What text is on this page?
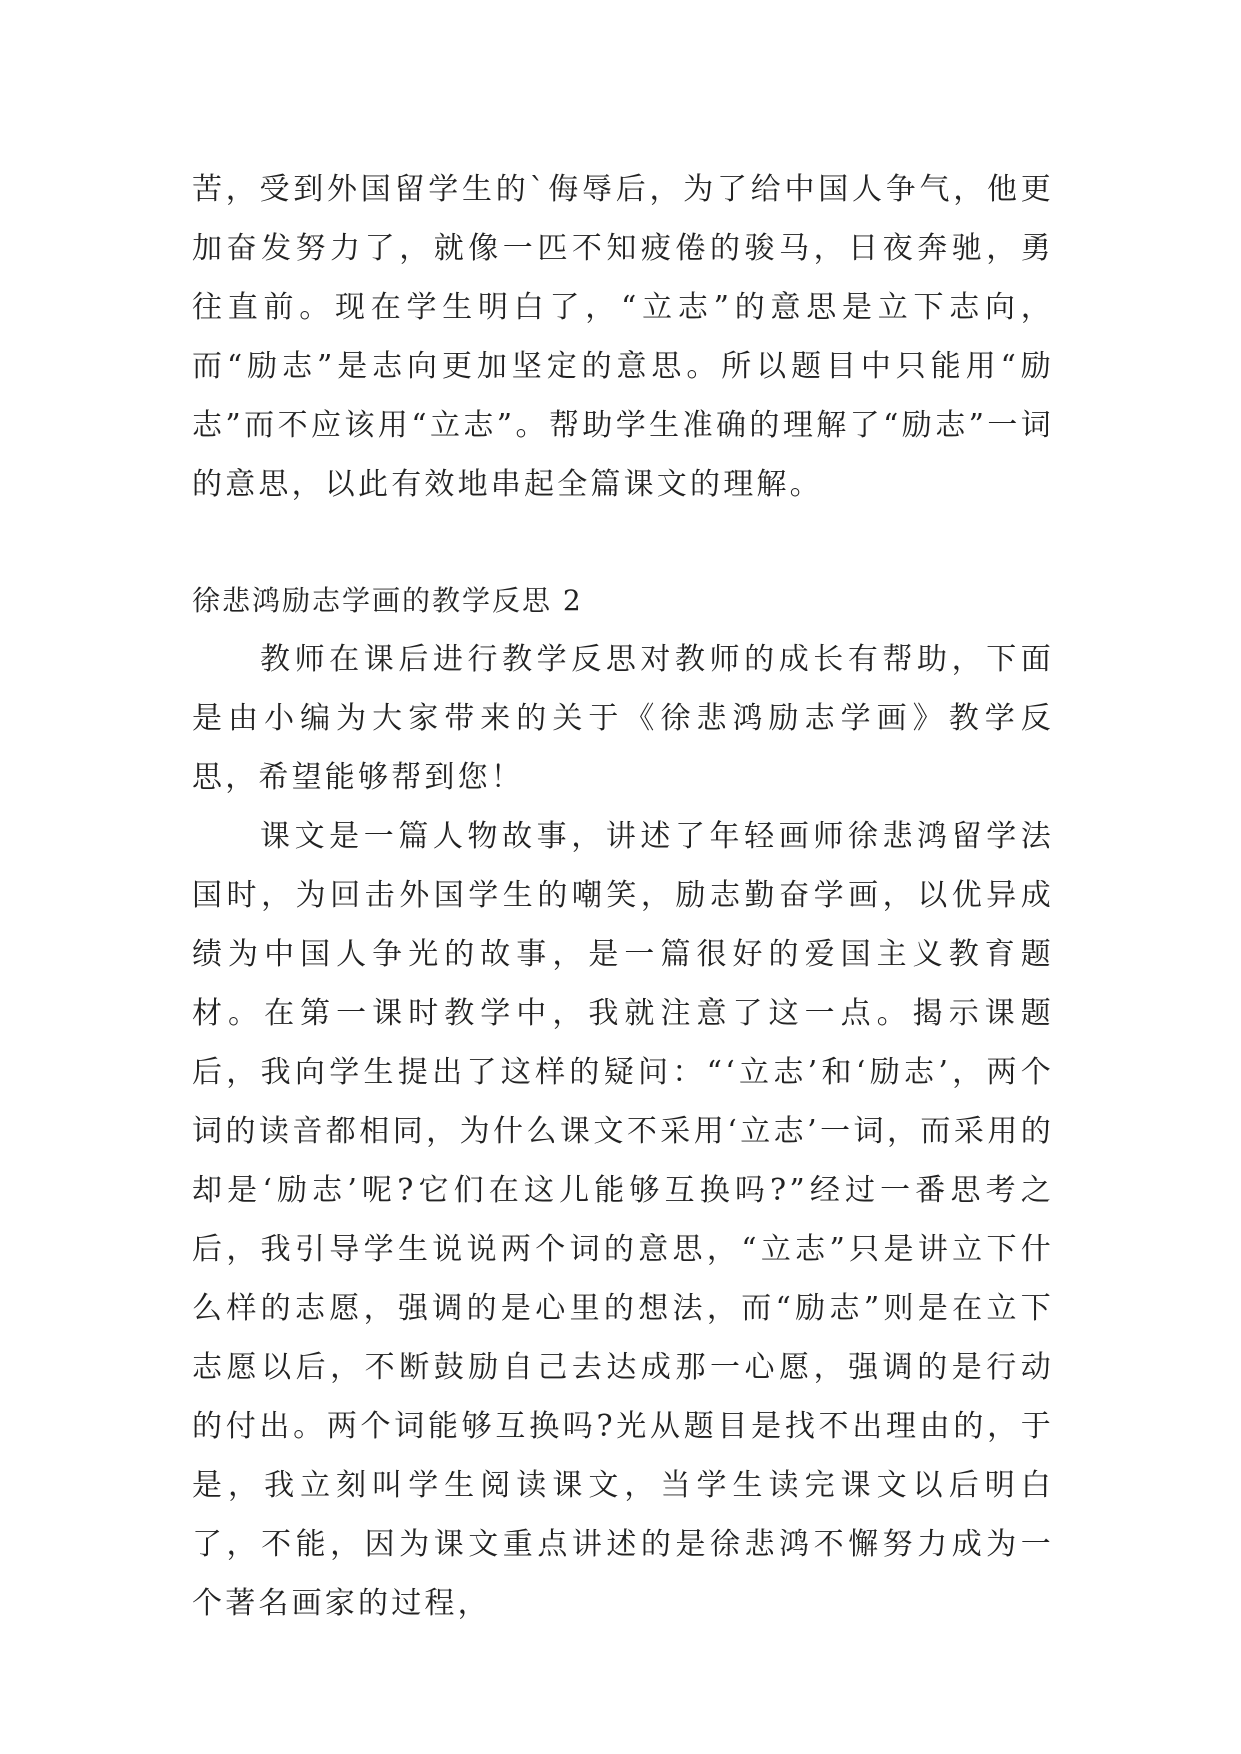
苦，受到外国留学生的`侮辱后，为了给中国人争气，他更加奋发努力了，就像一匹不知疲倦的骏马，日夜奔驰，勇往直前。现在学生明白了，“立志”的意思是立下志向，而“励志”是志向更加坚定的意思。所以题目中只能用“励志”而不应该用“立志”。帮助学生准确的理解了“励志”一词的意思，以此有效地串起全篇课文的理解。

徐悲鸿励志学画的教学反思 2

教师在课后进行教学反思对教师的成长有帮助，下面是由小编为大家带来的关于《徐悲鸿励志学画》教学反思，希望能够帮到您！

课文是一篇人物故事，讲述了年轻画师徐悲鸿留学法国时，为回击外国学生的嘲笑，励志勤奋学画，以优异成绩为中国人争光的故事，是一篇很好的爱国主义教育题材。在第一课时教学中，我就注意了这一点。揭示课题后，我向学生提出了这样的疑问：“‘立志’和‘励志’，两个词的读音都相同，为什么课文不采用‘立志’一词，而采用的却是‘励志’呢?它们在这儿能够互换吗?”经过一番思考之后，我引导学生说说两个词的意思，“立志”只是讲立下什么样的志愿，强调的是心里的想法，而“励志”则是在立下志愿以后，不断鼓励自己去达成那一心愿，强调的是行动的付出。两个词能够互换吗?光从题目是找不出理由的，于是，我立刻叫学生阅读课文，当学生读完课文以后明白了，不能，因为课文重点讲述的是徐悲鸿不懈努力成为一个著名画家的过程，
